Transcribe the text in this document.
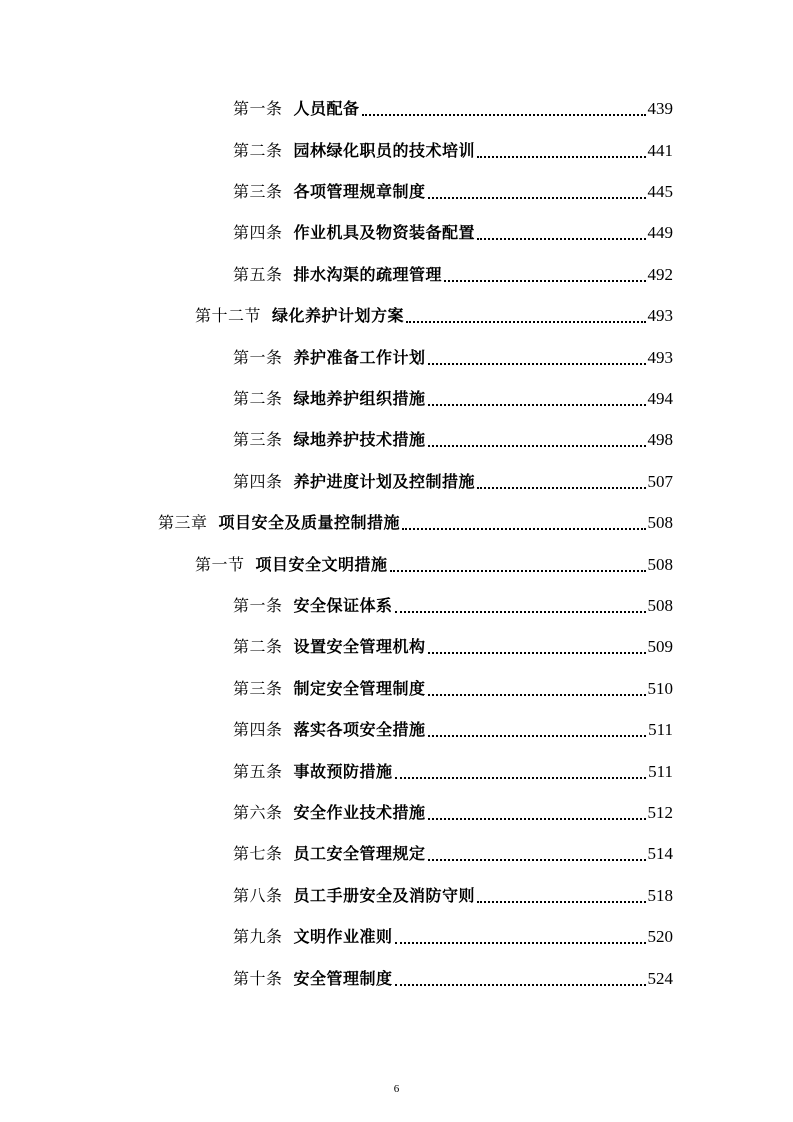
第一条 人员配备	439
第二条 园林绿化职员的技术培训	441
第三条 各项管理规章制度	445
第四条 作业机具及物资装备配置	449
第五条 排水沟渠的疏理管理	492
第十二节 绿化养护计划方案	493
第一条 养护准备工作计划	493
第二条 绿地养护组织措施	494
第三条 绿地养护技术措施	498
第四条 养护进度计划及控制措施	507
第三章 项目安全及质量控制措施	508
第一节 项目安全文明措施	508
第一条 安全保证体系	508
第二条 设置安全管理机构	509
第三条 制定安全管理制度	510
第四条 落实各项安全措施	511
第五条 事故预防措施	511
第六条 安全作业技术措施	512
第七条 员工安全管理规定	514
第八条 员工手册安全及消防守则	518
第九条 文明作业准则	520
第十条 安全管理制度	524
6
